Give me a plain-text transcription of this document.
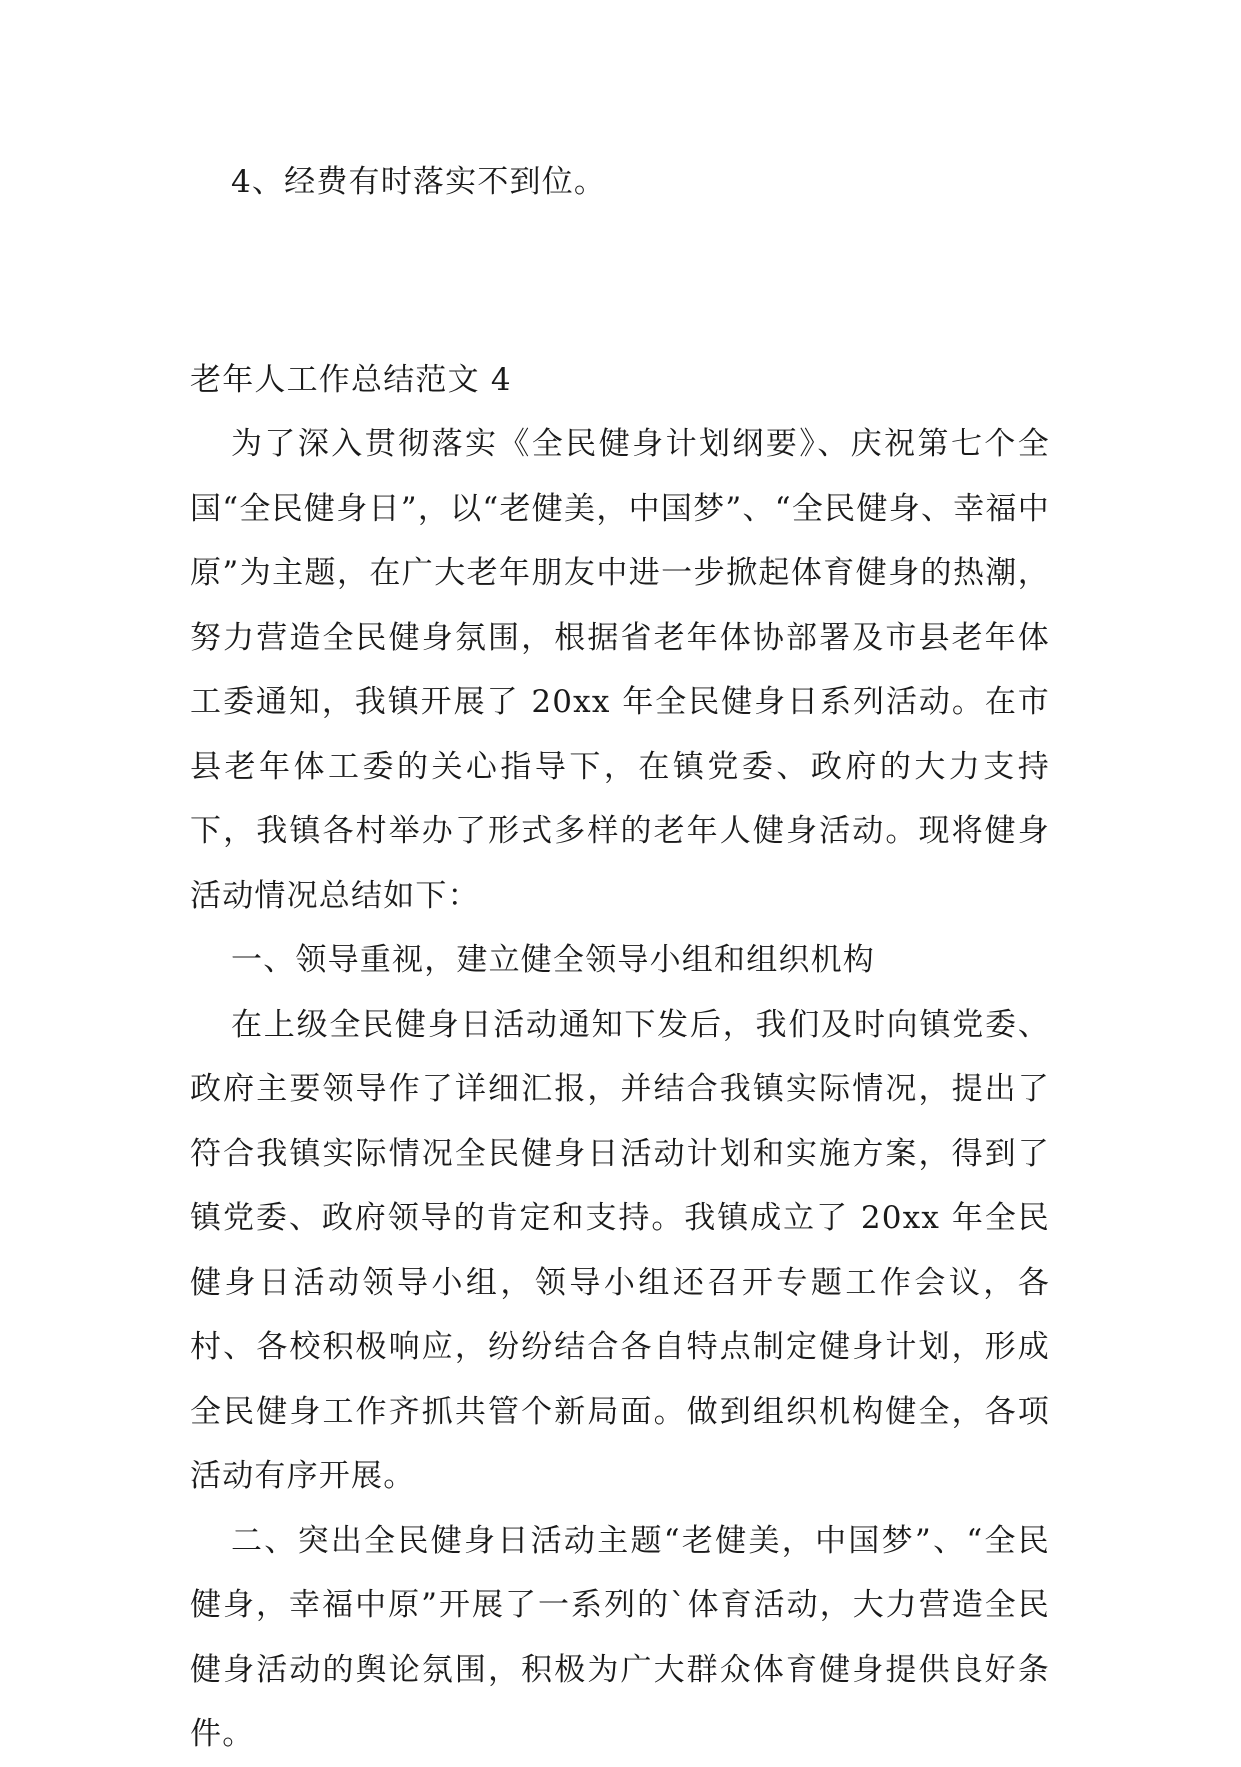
4、经费有时落实不到位。

老年人工作总结范文 4

为了深入贯彻落实《全民健身计划纲要》、庆祝第七个全国“全民健身日”，以“老健美，中国梦”、“全民健身、幸福中原”为主题，在广大老年朋友中进一步掀起体育健身的热潮，努力营造全民健身氛围，根据省老年体协部署及市县老年体工委通知，我镇开展了 20xx 年全民健身日系列活动。在市县老年体工委的关心指导下，在镇党委、政府的大力支持下，我镇各村举办了形式多样的老年人健身活动。现将健身活动情况总结如下：

一、领导重视，建立健全领导小组和组织机构

在上级全民健身日活动通知下发后，我们及时向镇党委、政府主要领导作了详细汇报，并结合我镇实际情况，提出了符合我镇实际情况全民健身日活动计划和实施方案，得到了镇党委、政府领导的肯定和支持。我镇成立了 20xx 年全民健身日活动领导小组，领导小组还召开专题工作会议，各村、各校积极响应，纷纷结合各自特点制定健身计划，形成全民健身工作齐抓共管个新局面。做到组织机构健全，各项活动有序开展。

二、突出全民健身日活动主题“老健美，中国梦”、“全民健身，幸福中原”开展了一系列的`体育活动，大力营造全民健身活动的舆论氛围，积极为广大群众体育健身提供良好条件。
